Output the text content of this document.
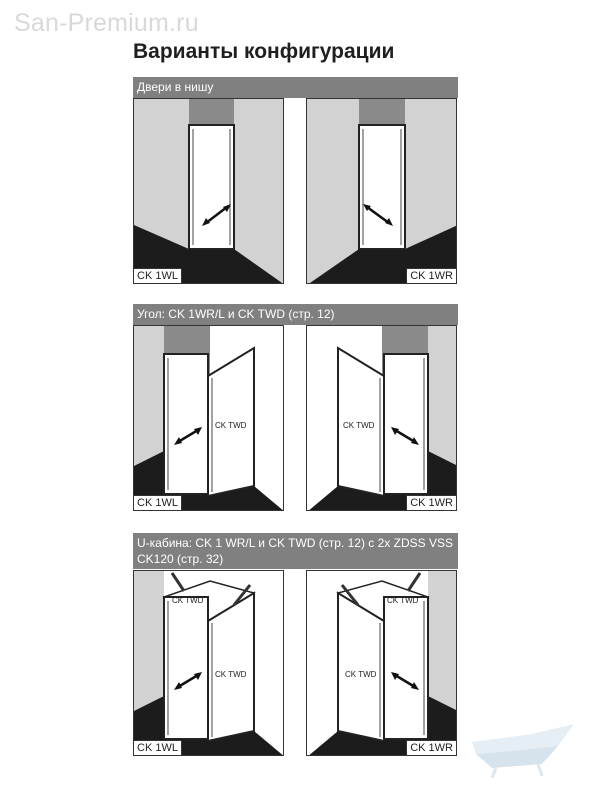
San-Premium.ru
Варианты конфигурации
Двери в нишу
CK 1WL	CK 1WR
Угол: CK 1WR/L и CK TWD (стр. 12)
CK TWD
CK 1WL
CK TWD
CK 1WR
U-кабина: CK 1 WR/L и CK TWD (стр. 12) с 2x ZDSS VSS CK120 (стр. 32)
CK TWD
CK TWD
CK 1WL
CK TWD
CK TWD
CK 1WR
